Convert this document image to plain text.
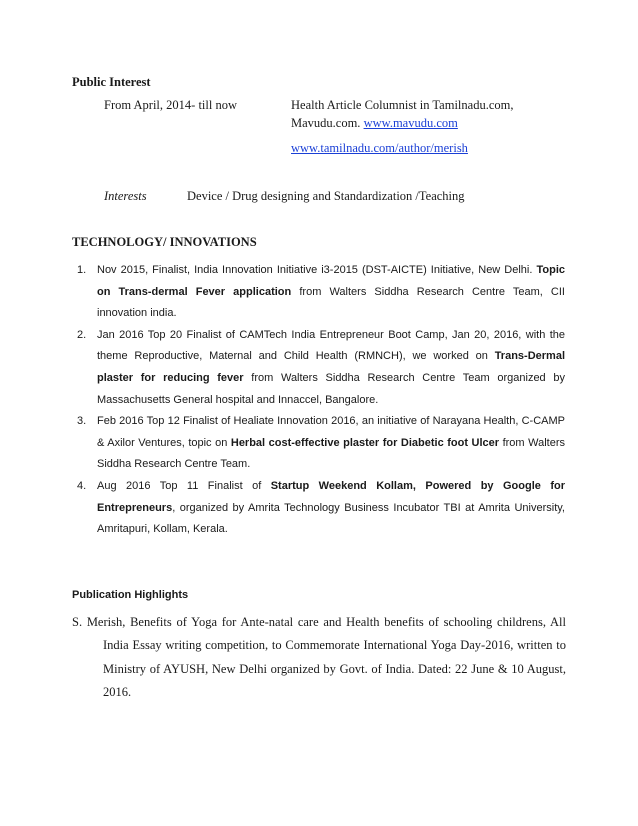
Public Interest
From April, 2014- till now	Health Article Columnist in Tamilnadu.com,
Mavudu.com. www.mavudu.com
www.tamilnadu.com/author/merish
Interests	Device / Drug designing and Standardization /Teaching
TECHNOLOGY/ INNOVATIONS
1. Nov 2015, Finalist, India Innovation Initiative i3-2015 (DST-AICTE) Initiative, New Delhi. Topic on Trans-dermal Fever application from Walters Siddha Research Centre Team, CII innovation india.
2. Jan 2016 Top 20 Finalist of CAMTech India Entrepreneur Boot Camp, Jan 20, 2016, with the theme Reproductive, Maternal and Child Health (RMNCH), we worked on Trans-Dermal plaster for reducing fever from Walters Siddha Research Centre Team organized by Massachusetts General hospital and Innaccel, Bangalore.
3. Feb 2016 Top 12 Finalist of Healiate Innovation 2016, an initiative of Narayana Health, C-CAMP & Axilor Ventures, topic on Herbal cost-effective plaster for Diabetic foot Ulcer from Walters Siddha Research Centre Team.
4. Aug 2016 Top 11 Finalist of Startup Weekend Kollam, Powered by Google for Entrepreneurs, organized by Amrita Technology Business Incubator TBI at Amrita University, Amritapuri, Kollam, Kerala.
Publication Highlights
S. Merish, Benefits of Yoga for Ante-natal care and Health benefits of schooling childrens, All India Essay writing competition, to Commemorate International Yoga Day-2016, written to Ministry of AYUSH, New Delhi organized by Govt. of India. Dated: 22 June & 10 August, 2016.
